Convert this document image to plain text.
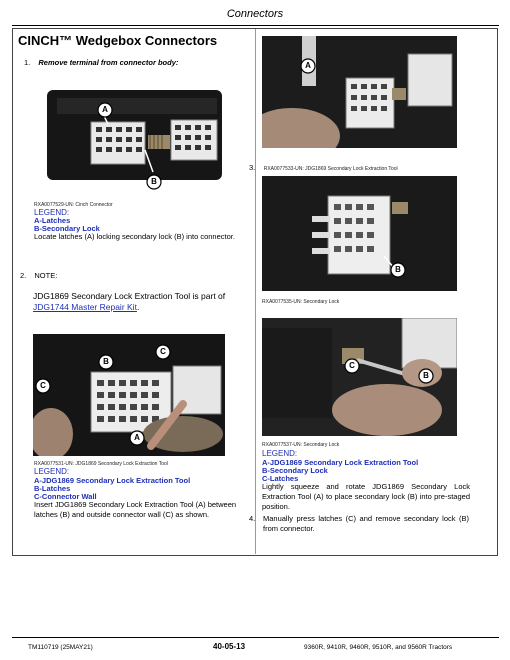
Connectors
CINCH™ Wedgebox Connectors
1. Remove terminal from connector body:
A
B
RXA0077529-UN: Cinch Connector
LEGEND:
A-Latches
B-Secondary Lock
Locate latches (A) locking secondary lock (B) into connector.
2. NOTE:
JDG1869 Secondary Lock Extraction Tool is part of
JDG1744 Master Repair Kit.
B
C
C
A
RXA0077531-UN: JDG1869 Secondary Lock Extraction Tool
LEGEND:
A-JDG1869 Secondary Lock Extraction Tool
B-Latches
C-Connector Wall
Insert JDG1869 Secondary Lock Extraction Tool (A) between latches (B) and outside connector wall (C) as shown.
A
3. RXA0077533-UN: JDG1869 Secondary Lock Extraction Tool
B
RXA0077535-UN: Secondary Lock
C
B
RXA0077537-UN: Secondary Lock
LEGEND:
A-JDG1869 Secondary Lock Extraction Tool
B-Secondary Lock
C-Latches
Lightly squeeze and rotate JDG1869 Secondary Lock Extraction Tool (A) to place secondary lock (B) into pre-staged position.
4. Manually press latches (C) and remove secondary lock (B) from connector.
TM110719 (25MAY21)	40-05-13	9360R, 9410R, 9460R, 9510R, and 9560R Tractors
